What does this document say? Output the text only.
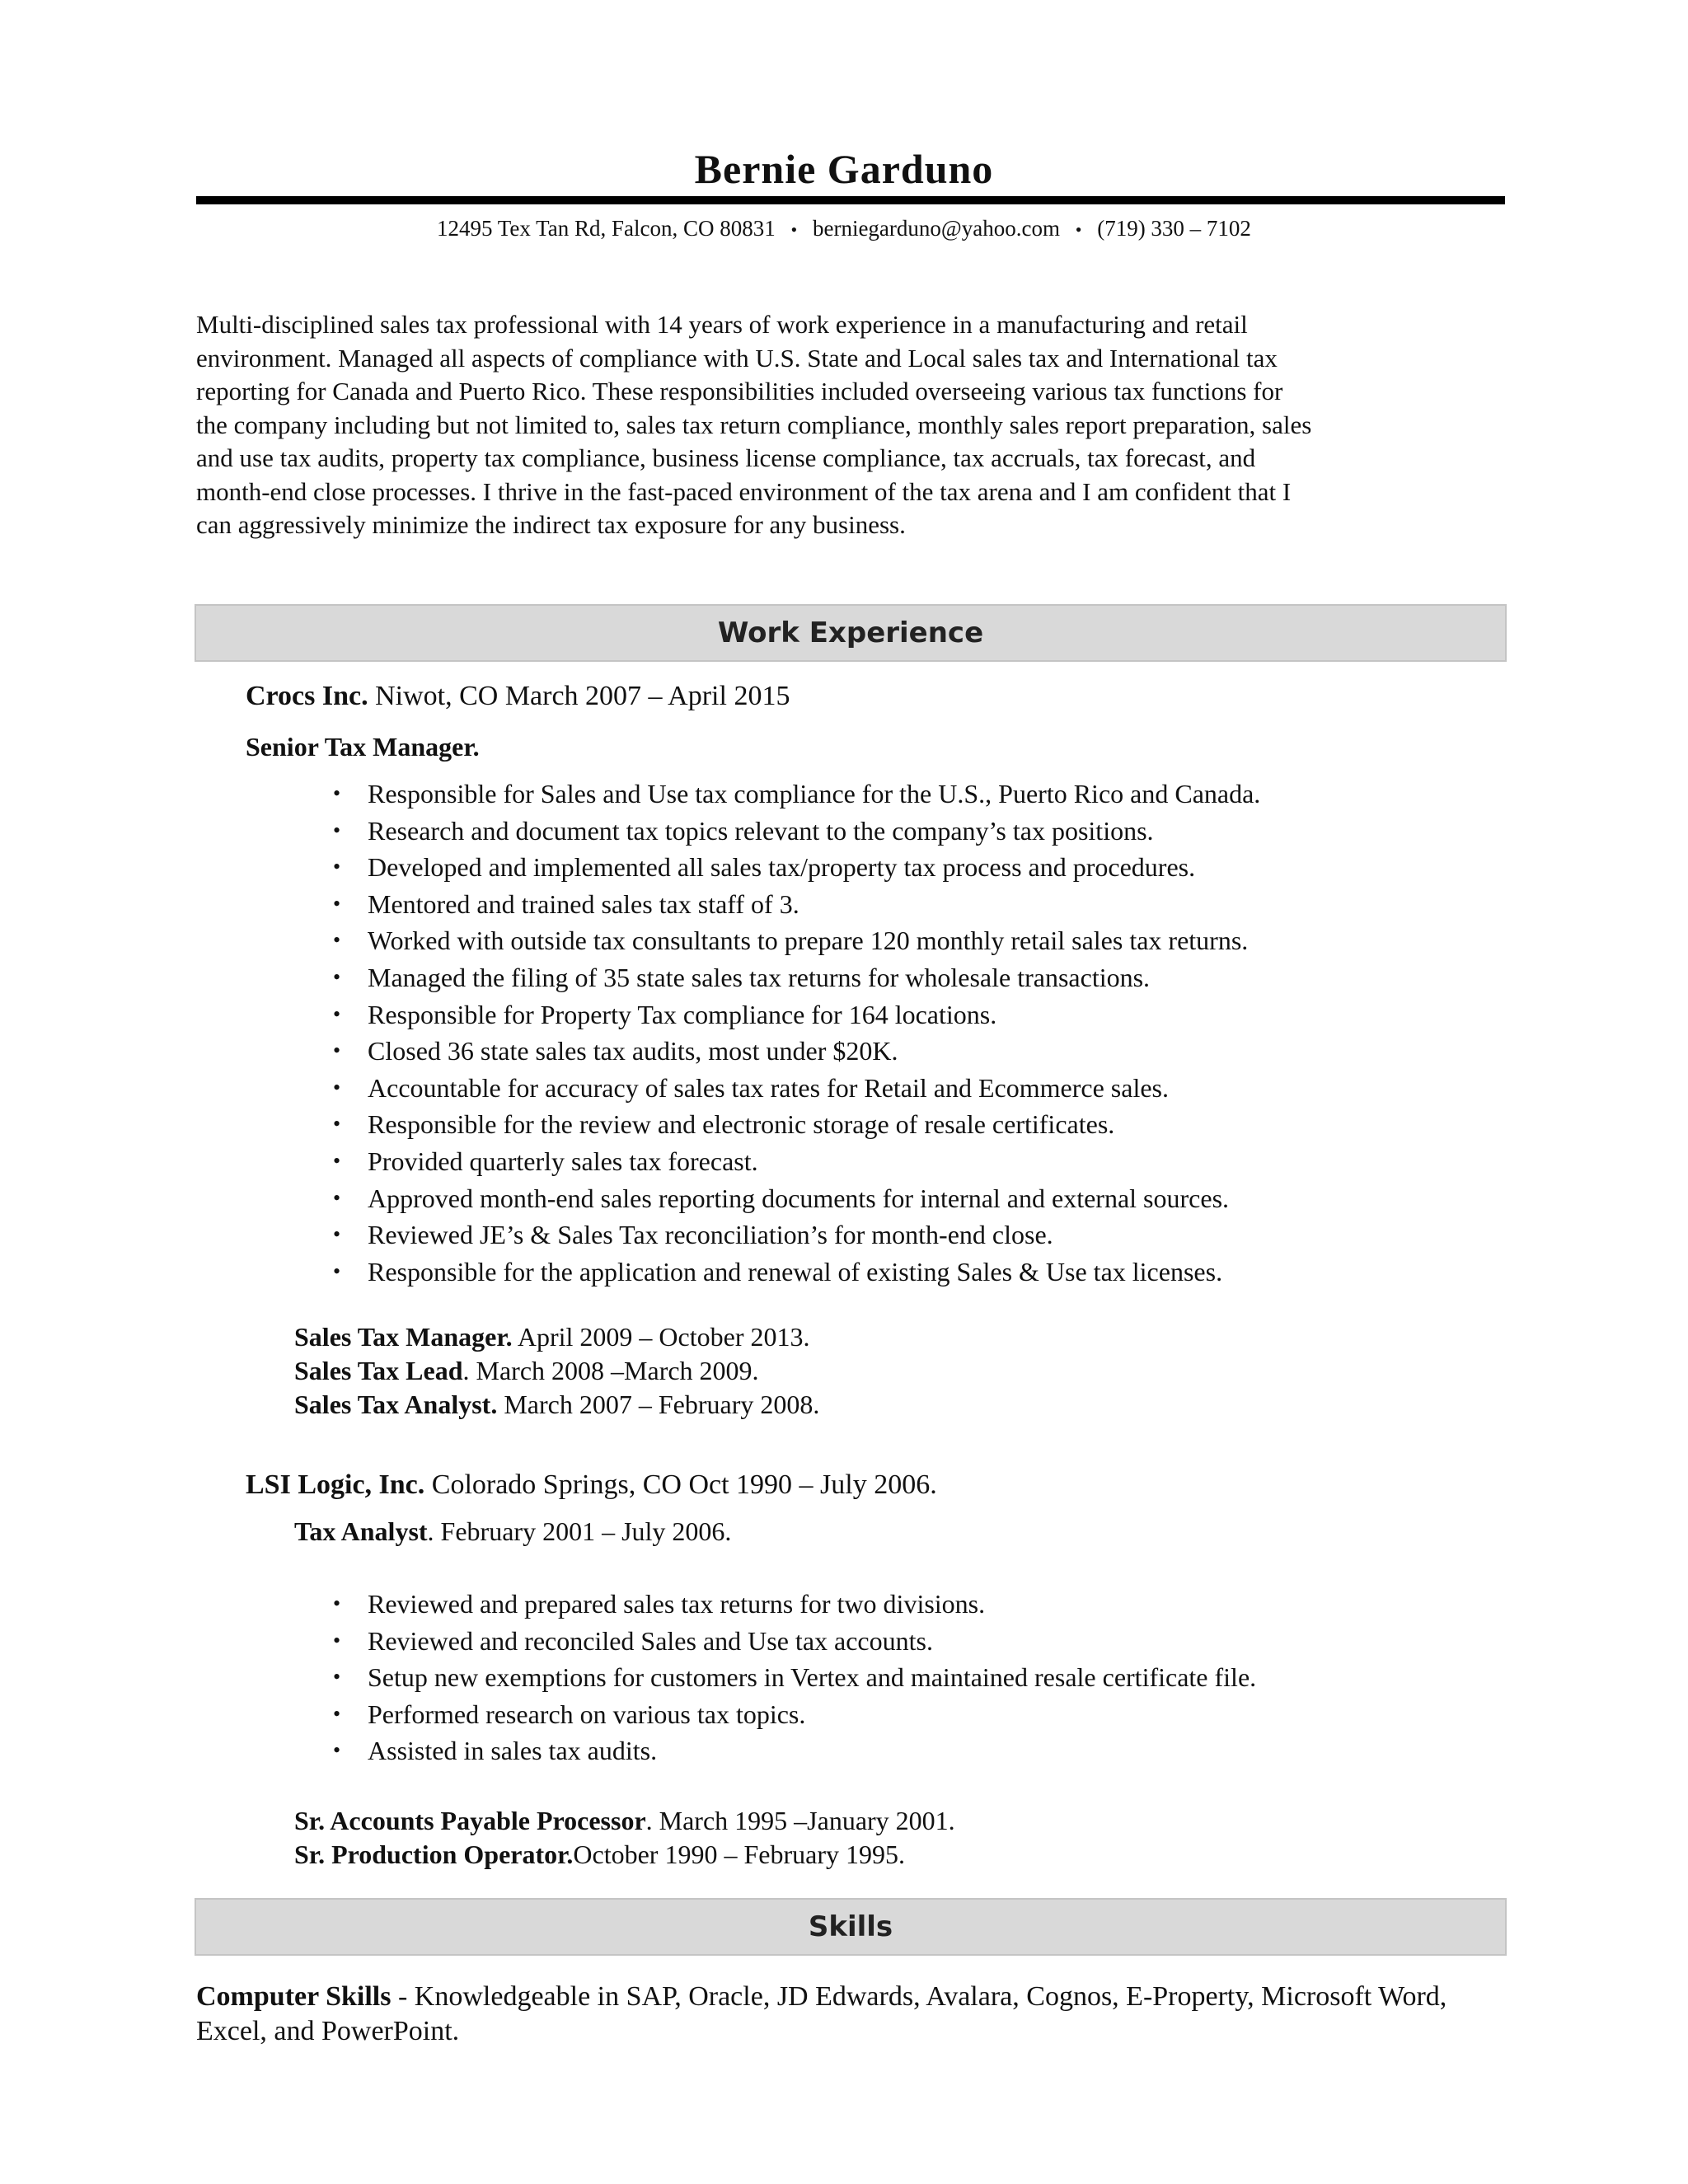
Bernie Garduno
12495 Tex Tan Rd, Falcon, CO 80831 • berniegarduno@yahoo.com • (719) 330 – 7102
Multi-disciplined sales tax professional with 14 years of work experience in a manufacturing and retail
environment. Managed all aspects of compliance with U.S. State and Local sales tax and International tax
reporting for Canada and Puerto Rico. These responsibilities included overseeing various tax functions for
the company including but not limited to, sales tax return compliance, monthly sales report preparation, sales
and use tax audits, property tax compliance, business license compliance, tax accruals, tax forecast, and
month-end close processes. I thrive in the fast-paced environment of the tax arena and I am confident that I
can aggressively minimize the indirect tax exposure for any business.
Work Experience
Crocs Inc. Niwot, CO March 2007 – April 2015
Senior Tax Manager.
• Responsible for Sales and Use tax compliance for the U.S., Puerto Rico and Canada.
• Research and document tax topics relevant to the company’s tax positions.
• Developed and implemented all sales tax/property tax process and procedures.
• Mentored and trained sales tax staff of 3.
• Worked with outside tax consultants to prepare 120 monthly retail sales tax returns.
• Managed the filing of 35 state sales tax returns for wholesale transactions.
• Responsible for Property Tax compliance for 164 locations.
• Closed 36 state sales tax audits, most under $20K.
• Accountable for accuracy of sales tax rates for Retail and Ecommerce sales.
• Responsible for the review and electronic storage of resale certificates.
• Provided quarterly sales tax forecast.
• Approved month-end sales reporting documents for internal and external sources.
• Reviewed JE’s & Sales Tax reconciliation’s for month-end close.
• Responsible for the application and renewal of existing Sales & Use tax licenses.
Sales Tax Manager. April 2009 – October 2013.
Sales Tax Lead. March 2008 –March 2009.
Sales Tax Analyst. March 2007 – February 2008.
LSI Logic, Inc. Colorado Springs, CO Oct 1990 – July 2006.
Tax Analyst. February 2001 – July 2006.
• Reviewed and prepared sales tax returns for two divisions.
• Reviewed and reconciled Sales and Use tax accounts.
• Setup new exemptions for customers in Vertex and maintained resale certificate file.
• Performed research on various tax topics.
• Assisted in sales tax audits.
Sr. Accounts Payable Processor. March 1995 –January 2001.
Sr. Production Operator.October 1990 – February 1995.
Skills
Computer Skills - Knowledgeable in SAP, Oracle, JD Edwards, Avalara, Cognos, E-Property, Microsoft Word, Excel, and PowerPoint.
